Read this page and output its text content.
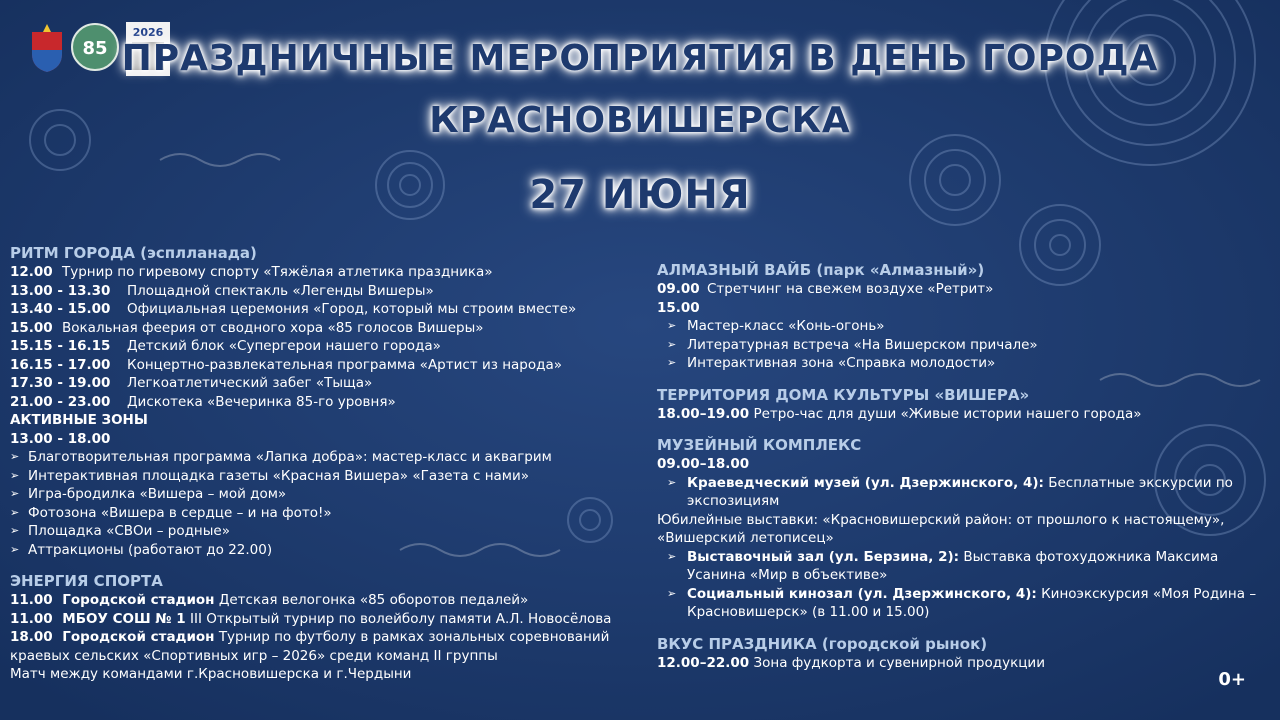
85
2026
ПРАЗДНИЧНЫЕ МЕРОПРИЯТИЯ В ДЕНЬ ГОРОДА
КРАСНОВИШЕРСКА
27 ИЮНЯ
РИТМ ГОРОДА (эсплланада)
12.00 Турнир по гиревому спорту «Тяжёлая атлетика праздника»
13.00 - 13.30 Площадной спектакль «Легенды Вишеры»
13.40 - 15.00 Официальная церемония «Город, который мы строим вместе»
15.00 Вокальная феерия от сводного хора «85 голосов Вишеры»
15.15 - 16.15 Детский блок «Супергерои нашего города»
16.15 - 17.00 Концертно-развлекательная программа «Артист из народа»
17.30 - 19.00 Легкоатлетический забег «Тыща»
21.00 - 23.00 Дискотека «Вечеринка 85-го уровня»
АКТИВНЫЕ ЗОНЫ
13.00 - 18.00
➢ Благотворительная программа «Лапка добра»: мастер-класс и аквагрим
➢ Интерактивная площадка газеты «Красная Вишера» «Газета с нами»
➢ Игра-бродилка «Вишера – мой дом»
➢ Фотозона «Вишера в сердце – и на фото!»
➢ Площадка «СВОи – родные»
➢ Аттракционы (работают до 22.00)
ЭНЕРГИЯ СПОРТА
11.00 Городской стадион Детская велогонка «85 оборотов педалей»
11.00 МБОУ СОШ № 1 III Открытый турнир по волейболу памяти А.Л. Новосёлова
18.00 Городской стадион Турнир по футболу в рамках зональных соревнований
краевых сельских «Спортивных игр – 2026» среди команд II группы
Матч между командами г.Красновишерска и г.Чердыни
АЛМАЗНЫЙ ВАЙБ (парк «Алмазный»)
09.00 Стретчинг на свежем воздухе «Ретрит»
15.00
➢ Мастер-класс «Конь-огонь»
➢ Литературная встреча «На Вишерском причале»
➢ Интерактивная зона «Справка молодости»
ТЕРРИТОРИЯ ДОМА КУЛЬТУРЫ «ВИШЕРА»
18.00–19.00 Ретро-час для души «Живые истории нашего города»
МУЗЕЙНЫЙ КОМПЛЕКС
09.00–18.00
➢ Краеведческий музей (ул. Дзержинского, 4): Бесплатные экскурсии по экспозициям
Юбилейные выставки: «Красновишерский район: от прошлого к настоящему»,
«Вишерский летописец»
➢ Выставочный зал (ул. Берзина, 2): Выставка фотохудожника Максима Усанина «Мир в объективе»
➢ Социальный кинозал (ул. Дзержинского, 4): Киноэкскурсия «Моя Родина – Красновишерск» (в 11.00 и 15.00)
ВКУС ПРАЗДНИКА (городской рынок)
12.00–22.00 Зона фудкорта и сувенирной продукции
0+
